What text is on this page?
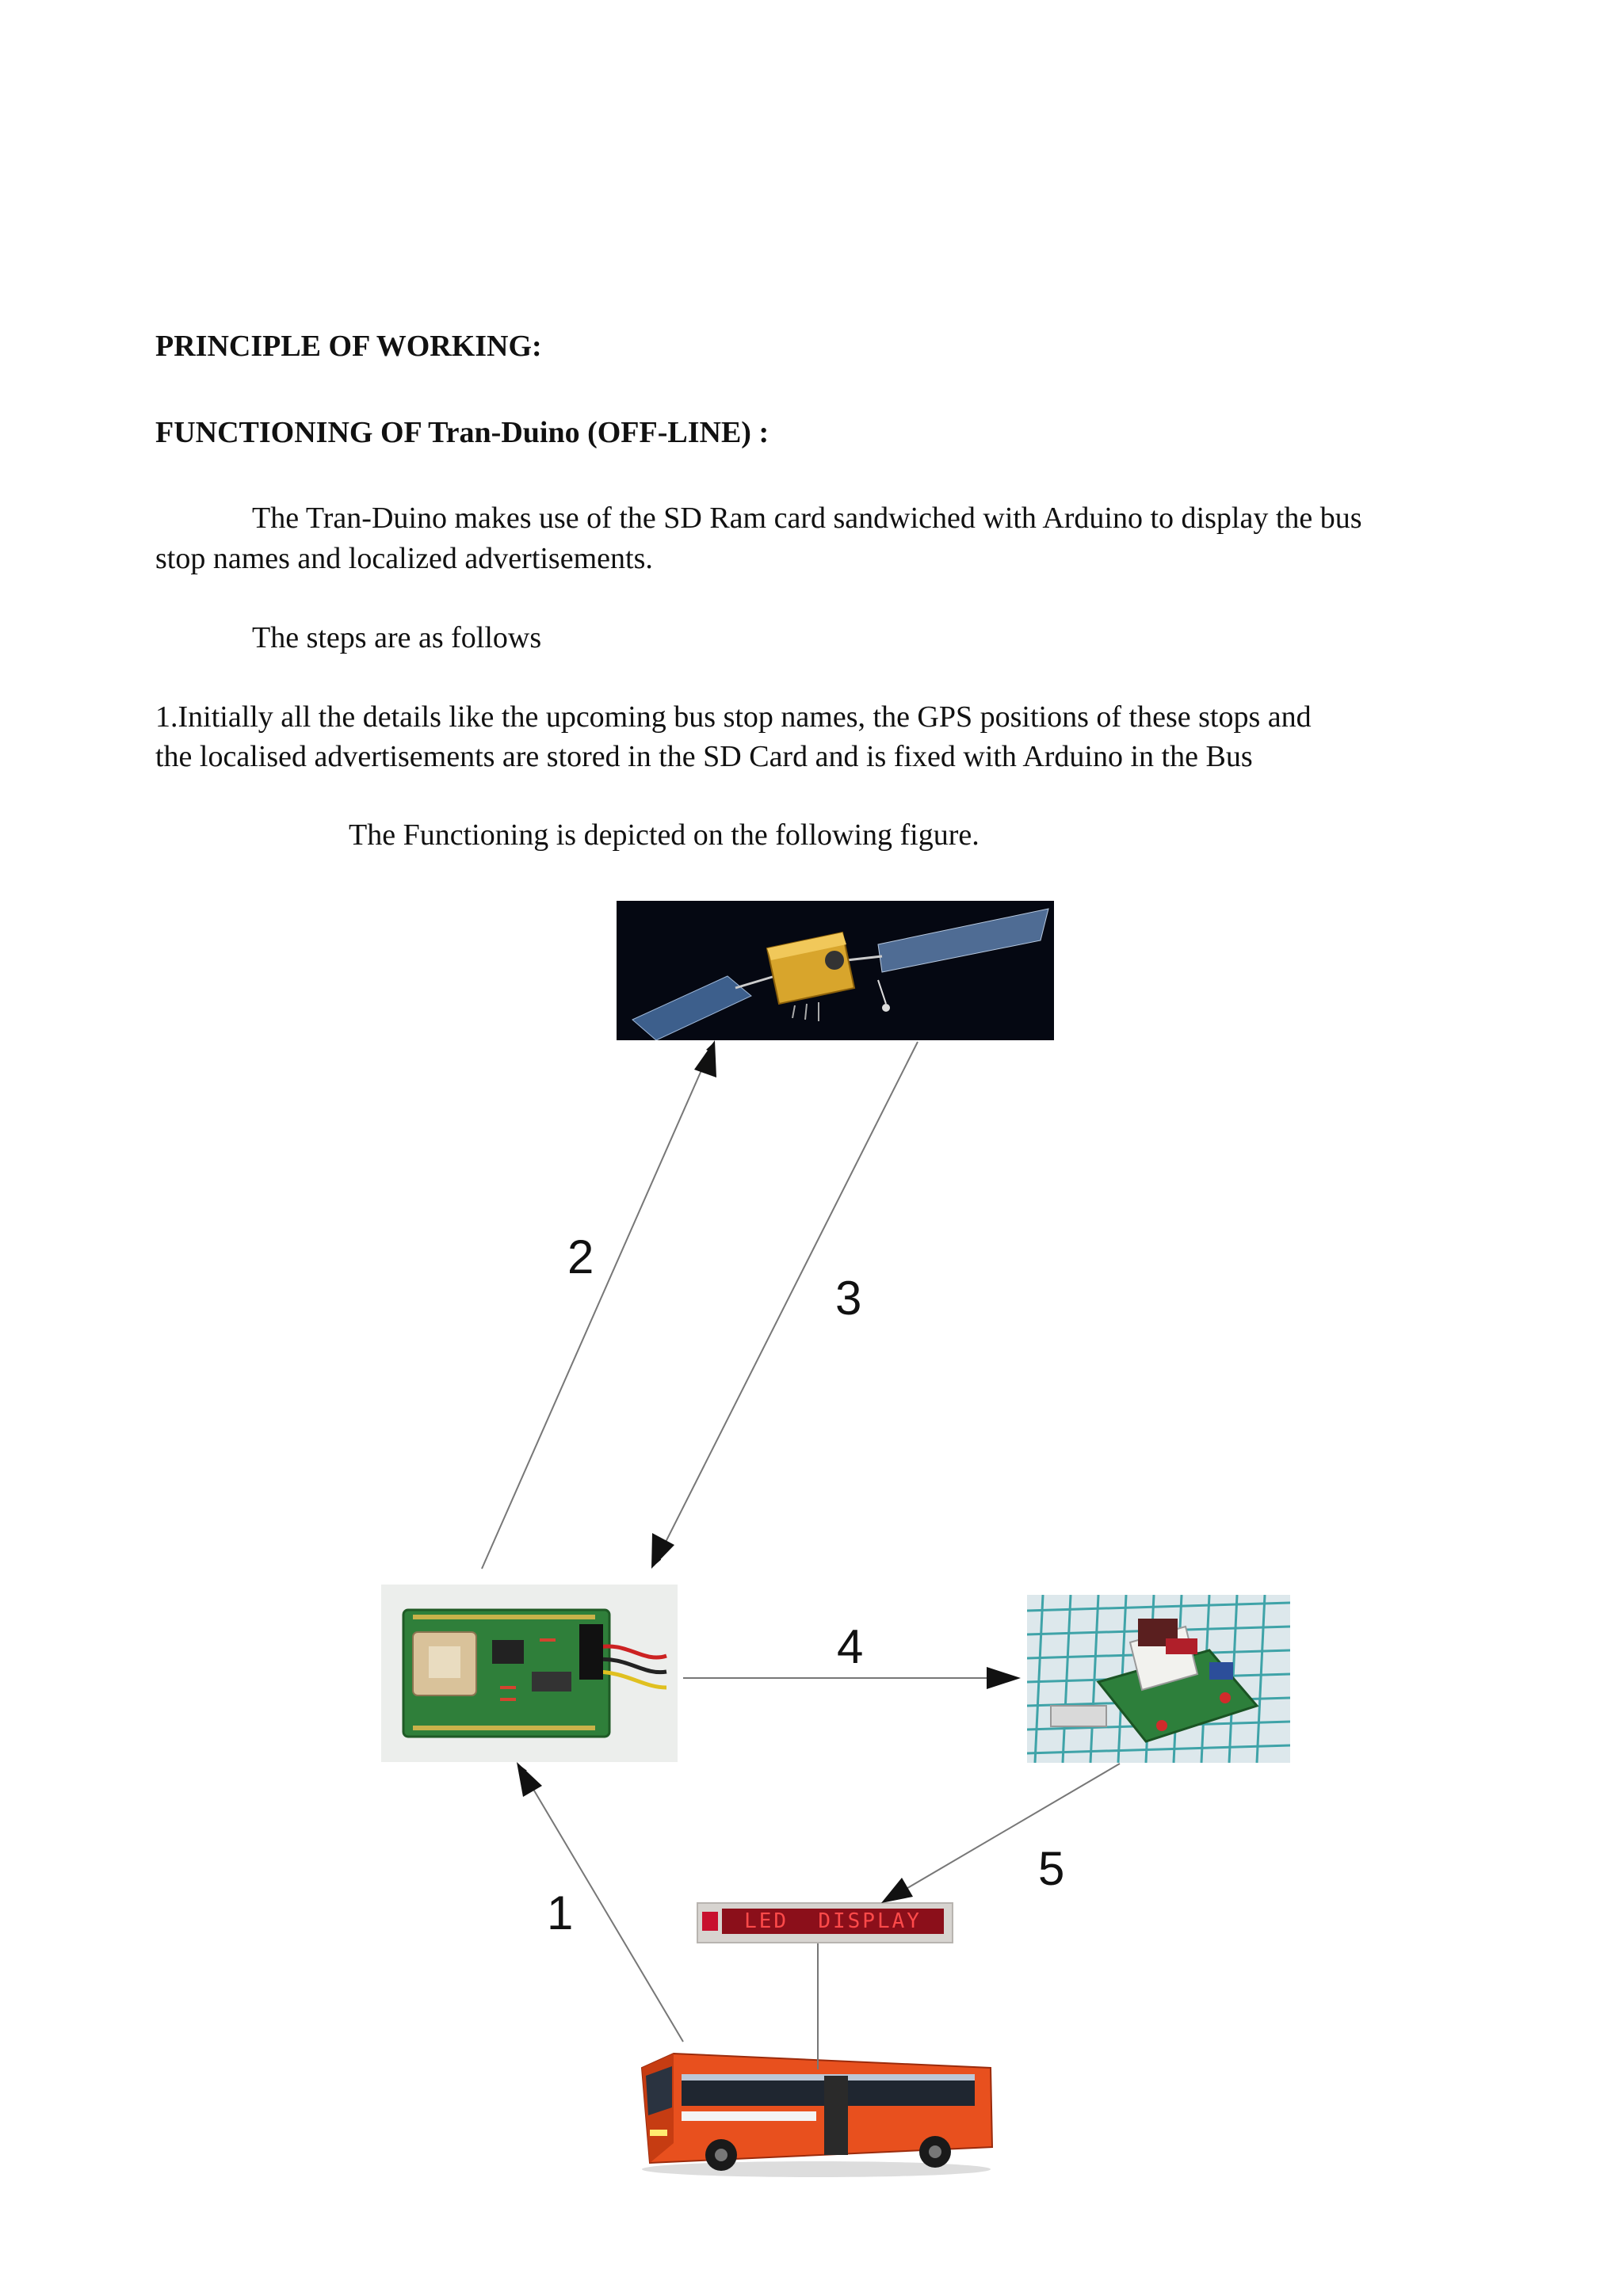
PRINCIPLE OF WORKING:
FUNCTIONING OF Tran-Duino (OFF-LINE) :
The Tran-Duino makes use of the SD Ram card sandwiched with Arduino to display the bus
stop names and localized advertisements.
The steps are as follows
1.Initially all the details like the upcoming bus stop names, the GPS positions of these stops and
the localised advertisements are stored in the SD Card and is fixed with Arduino in the Bus
The Functioning is depicted on the following figure.
LED  DISPLAY
2
3
4
5
1
